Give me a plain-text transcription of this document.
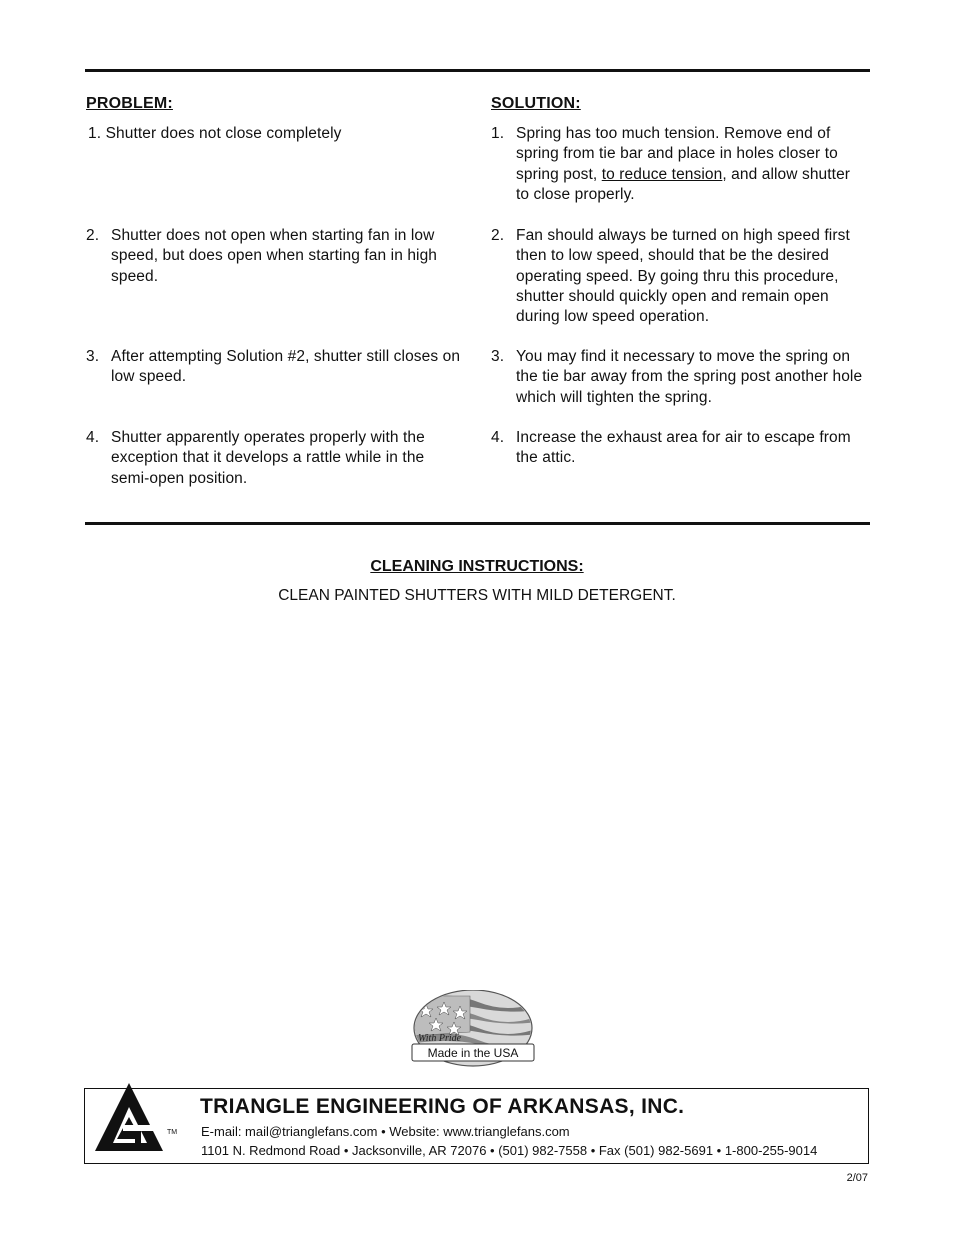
PROBLEM:	SOLUTION:
1. Shutter does not close completely
2. Shutter does not open when starting fan in low speed, but does open when starting fan in high speed.
3. After attempting Solution #2, shutter still closes on low speed.
4. Shutter apparently operates properly with the exception that it develops a rattle while in the semi-open position.
1. Spring has too much tension. Remove end of spring from tie bar and place in holes closer to spring post, to reduce tension, and allow shutter to close properly.
2. Fan should always be turned on high speed first then to low speed, should that be the desired operating speed. By going thru this procedure, shutter should quickly open and remain open during low speed operation.
3. You may find it necessary to move the spring on the tie bar away from the spring post another hole which will tighten the spring.
4. Increase the exhaust area for air to escape from the attic.
CLEANING INSTRUCTIONS:
CLEAN PAINTED SHUTTERS WITH MILD DETERGENT.
With Pride
Made in the USA
TM
TRIANGLE ENGINEERING OF ARKANSAS, INC.
E-mail: mail@trianglefans.com • Website: www.trianglefans.com
1101 N. Redmond Road • Jacksonville, AR 72076 • (501) 982-7558 • Fax (501) 982-5691 • 1-800-255-9014
2/07
